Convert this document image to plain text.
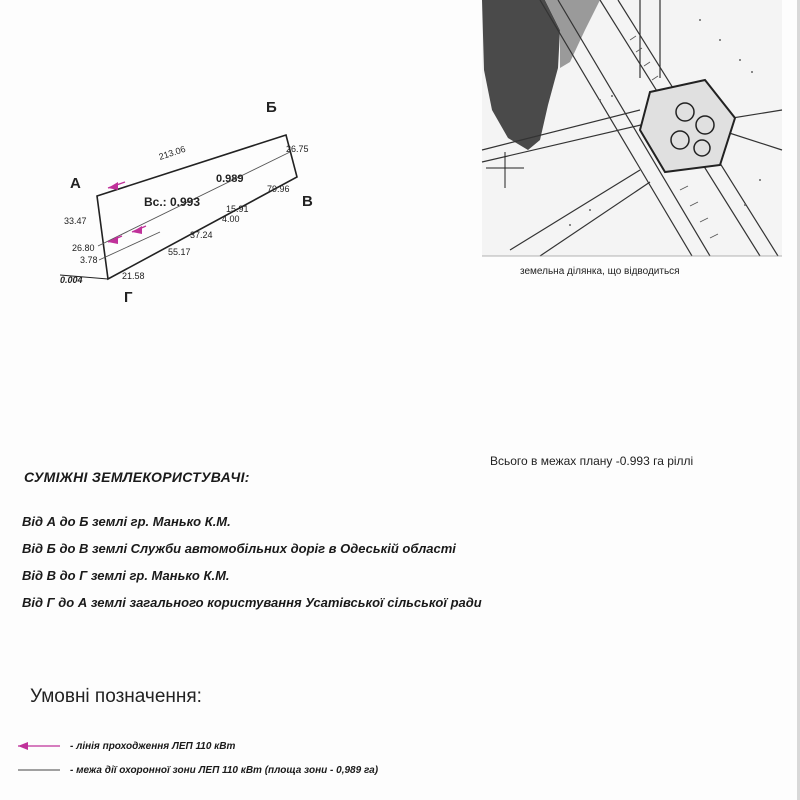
Б
А
В
Г
213.06	26.75
79.96
15.91
4.00
37.24
55.17
33.47
26.80
3.78
21.58
0.989
Вс.: 0.993
0.004
земельна ділянка, що відводиться
Всього в межах плану -0.993 га ріллі
СУМІЖНІ ЗЕМЛЕКОРИСТУВАЧІ:
Від А до Б землі гр. Манько К.М.
Від Б до В землі Служби автомобільних доріг в Одеській області
Від В до Г землі гр. Манько К.М.
Від Г до А землі загального користування Усатівської сільської ради
Умовні позначення:
- лінія проходження ЛЕП 110 кВт
- межа дії охоронної зони ЛЕП 110 кВт (площа зони - 0,989 га)
